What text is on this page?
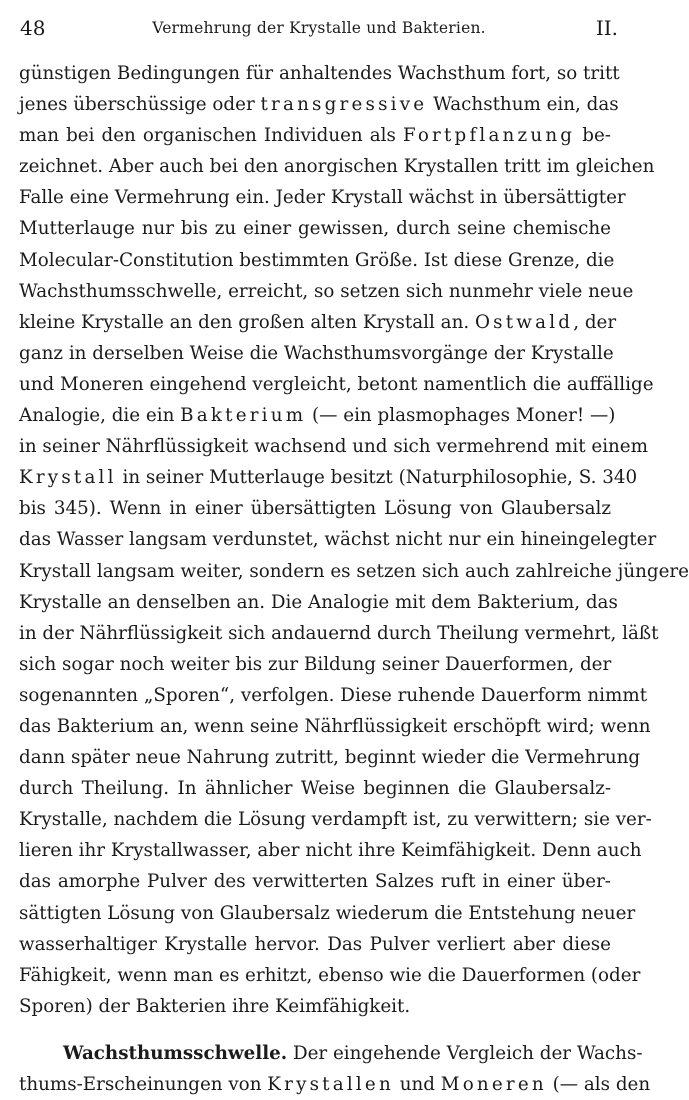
48	Vermehrung der Krystalle und Bakterien.	II.
günstigen Bedingungen für anhaltendes Wachsthum fort, so tritt
jenes überschüssige oder transgressive Wachsthum ein, das
man bei den organischen Individuen als Fortpflanzung be-
zeichnet. Aber auch bei den anorgischen Krystallen tritt im gleichen
Falle eine Vermehrung ein. Jeder Krystall wächst in übersättigter
Mutterlauge nur bis zu einer gewissen, durch seine chemische
Molecular-Constitution bestimmten Größe. Ist diese Grenze, die
Wachsthumsschwelle, erreicht, so setzen sich nunmehr viele neue
kleine Krystalle an den großen alten Krystall an. Ostwald, der
ganz in derselben Weise die Wachsthumsvorgänge der Krystalle
und Moneren eingehend vergleicht, betont namentlich die auffällige
Analogie, die ein Bakterium (— ein plasmophages Moner! —)
in seiner Nährflüssigkeit wachsend und sich vermehrend mit einem
Krystall in seiner Mutterlauge besitzt (Naturphilosophie, S. 340
bis 345). Wenn in einer übersättigten Lösung von Glaubersalz
das Wasser langsam verdunstet, wächst nicht nur ein hineingelegter
Krystall langsam weiter, sondern es setzen sich auch zahlreiche jüngere
Krystalle an denselben an. Die Analogie mit dem Bakterium, das
in der Nährflüssigkeit sich andauernd durch Theilung vermehrt, läßt
sich sogar noch weiter bis zur Bildung seiner Dauerformen, der
sogenannten „Sporen“, verfolgen. Diese ruhende Dauerform nimmt
das Bakterium an, wenn seine Nährflüssigkeit erschöpft wird; wenn
dann später neue Nahrung zutritt, beginnt wieder die Vermehrung
durch Theilung. In ähnlicher Weise beginnen die Glaubersalz-
Krystalle, nachdem die Lösung verdampft ist, zu verwittern; sie ver-
lieren ihr Krystallwasser, aber nicht ihre Keimfähigkeit. Denn auch
das amorphe Pulver des verwitterten Salzes ruft in einer über-
sättigten Lösung von Glaubersalz wiederum die Entstehung neuer
wasserhaltiger Krystalle hervor. Das Pulver verliert aber diese
Fähigkeit, wenn man es erhitzt, ebenso wie die Dauerformen (oder
Sporen) der Bakterien ihre Keimfähigkeit.
Wachsthumsschwelle. Der eingehende Vergleich der Wachs-
thums-Erscheinungen von Krystallen und Moneren (— als den
